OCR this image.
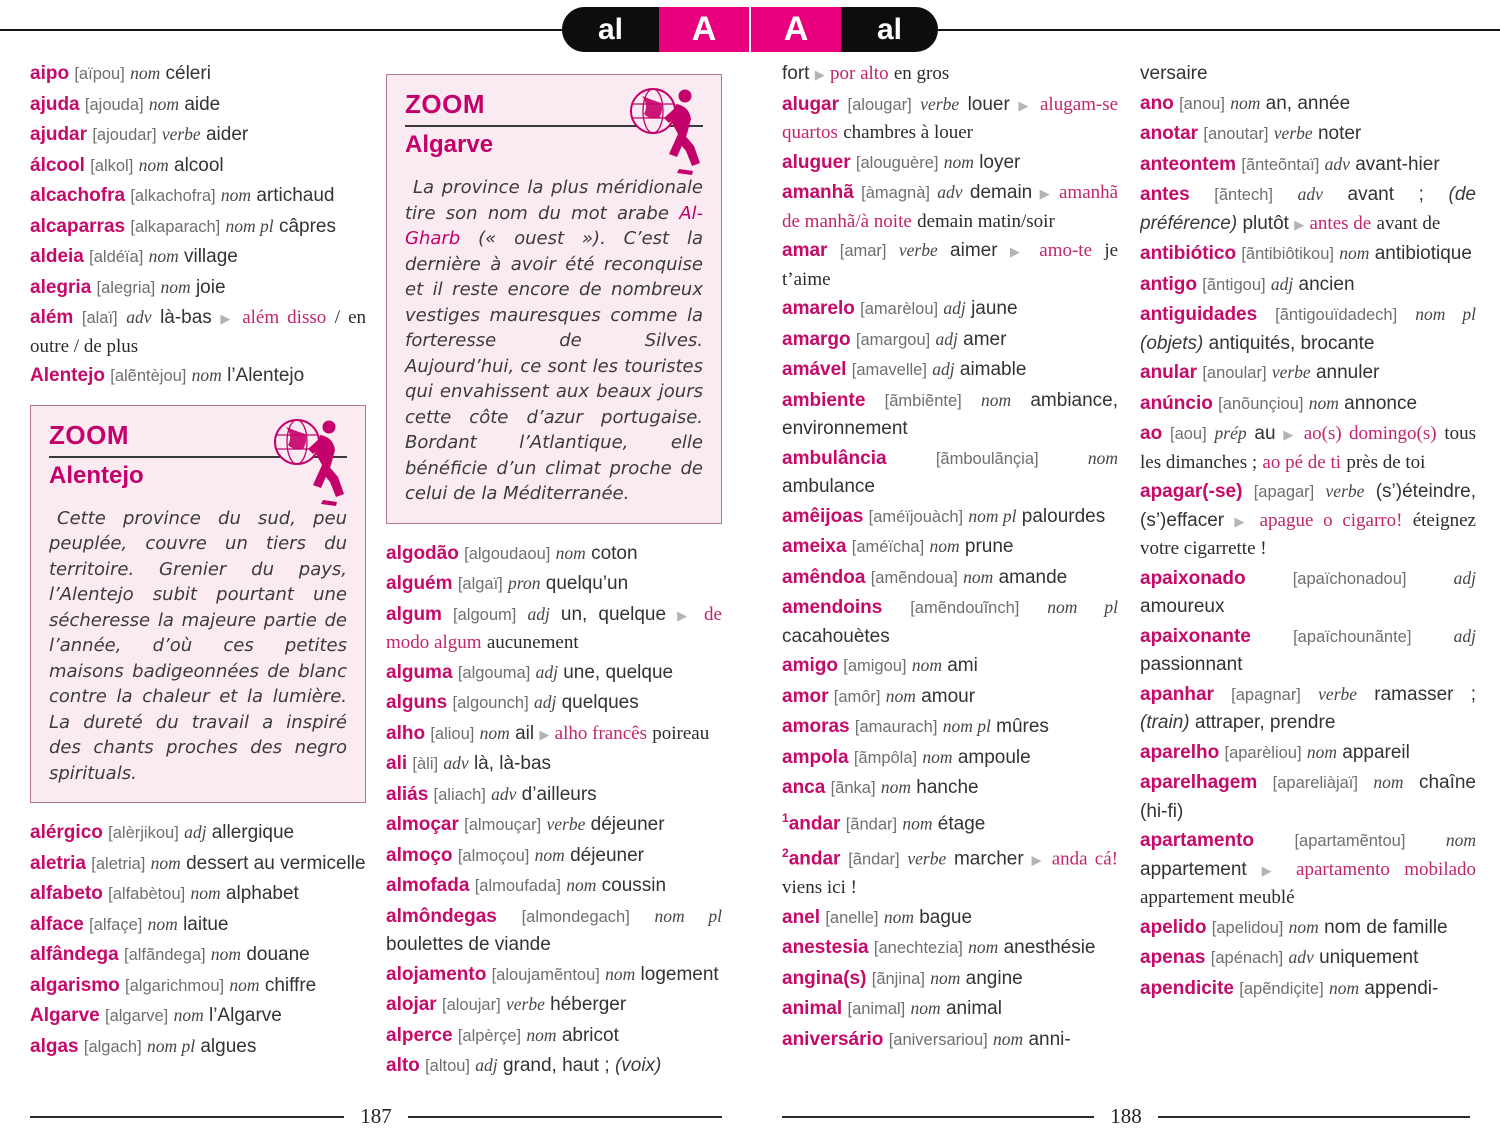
al	A	A	al

aipo [aïpou] nom céleri

ajuda [ajouda] nom aide

ajudar [ajoudar] verbe aider

álcool [alkol] nom alcool

alcachofra [alkachofra] nom artichaud

alcaparras [alkaparach] nom pl câpres

aldeia [aldéïa] nom village

alegria [alegria] nom joie

além [alaï] adv là-bas ▶ além disso / en outre / de plus

Alentejo [alẽntèjou] nom l’Alentejo

ZOOM
Alentejo
Cette province du sud, peu peuplée, couvre un tiers du territoire. Grenier du pays, l’Alentejo subit pourtant une sécheresse la majeure partie de l’année, d’où ces petites maisons badigeonnées de blanc contre la chaleur et la lumière. La dureté du travail a inspiré des chants proches des negro spirituals.

alérgico [alèrjikou] adj allergique

aletria [aletria] nom dessert au vermicelle

alfabeto [alfabètou] nom alphabet

alface [alfaçe] nom laitue

alfândega [alfãndega] nom douane

algarismo [algarichmou] nom chiffre

Algarve [algarve] nom l’Algarve

algas [algach] nom pl algues

ZOOM
Algarve
La province la plus méridionale tire son nom du mot arabe Al-Gharb (« ouest »). C’est la dernière à avoir été reconquise et il reste encore de nombreux vestiges mauresques comme la forteresse de Silves. Aujourd’hui, ce sont les touristes qui envahissent aux beaux jours cette côte d’azur portugaise. Bordant l’Atlantique, elle bénéficie d’un climat proche de celui de la Méditerranée.

algodão [algoudaou] nom coton

alguém [algaï] pron quelqu’un

algum [algoum] adj un, quelque ▶ de modo algum aucunement

alguma [algouma] adj une, quelque

alguns [algounch] adj quelques

alho [aliou] nom ail ▶ alho francês poireau

ali [àli] adv là, là-bas

aliás [aliach] adv d’ailleurs

almoçar [almouçar] verbe déjeuner

almoço [almoçou] nom déjeuner

almofada [almoufada] nom coussin

almôndegas [almondegach] nom pl boulettes de viande

alojamento [aloujamẽntou] nom logement

alojar [aloujar] verbe héberger

alperce [alpèrçe] nom abricot

alto [altou] adj grand, haut ; (voix)

fort ▶ por alto en gros

alugar [alougar] verbe louer ▶ alugam-se quartos chambres à louer

aluguer [alouguère] nom loyer

amanhã [àmagnà] adv demain ▶ amanhã de manhã/à noite demain matin/soir

amar [amar] verbe aimer ▶ amo-te je t’aime

amarelo [amarèlou] adj jaune

amargo [amargou] adj amer

amável [amavelle] adj aimable

ambiente [ãmbiẽnte] nom ambiance, environnement

ambulância	[ãmboulãnçia]	nom ambulance

amêijoas [améïjouàch] nom pl palourdes

ameixa [améïcha] nom prune

amêndoa [amẽndoua] nom amande

amendoins [amẽndouĩnch] nom pl cacahouètes

amigo [amigou] nom ami

amor [amôr] nom amour

amoras [amaurach] nom pl mûres

ampola [ãmpôla] nom ampoule

anca [ãnka] nom hanche

$^1$andar [ãndar] nom étage

$^2$andar [ãndar] verbe marcher ▶ anda cá! viens ici !

anel [anelle] nom bague

anestesia [anechtezia] nom anesthésie

angina(s) [ãnjina] nom angine

animal [animal] nom animal

aniversário [aniversariou] nom anni-

versaire

ano [anou] nom an, année

anotar [anoutar] verbe noter

anteontem [ãnteõntaï] adv avant-hier

antes [ãntech] adv avant ; (de préférence) plutôt ▶ antes de avant de

antibiótico [ãntibiôtikou] nom antibiotique

antigo [ãntigou] adj ancien

antiguidades [ãntigouïdadech] nom pl (objets) antiquités, brocante

anular [anoular] verbe annuler

anúncio [anõunçiou] nom annonce

ao [aou] prép au ▶ ao(s) domingo(s) tous les dimanches ; ao pé de ti près de toi

apagar(-se) [apagar] verbe (s’)éteindre, (s’)effacer ▶ apague o cigarro! éteignez votre cigarrette !

apaixonado	[apaïchonadou]	adj amoureux

apaixonante	[apaïchounãnte] adj passionnant

apanhar [apagnar] verbe ramasser ; (train) attraper, prendre

aparelho [aparèliou] nom appareil

aparelhagem [apareliàjaï] nom chaîne (hi-fi)

apartamento [apartamẽntou] nom appartement ▶ apartamento mobilado appartement meublé

apelido [apelidou] nom nom de famille

apenas [apénach] adv uniquement

apendicite [apẽndiçite] nom appendi-

187	188
